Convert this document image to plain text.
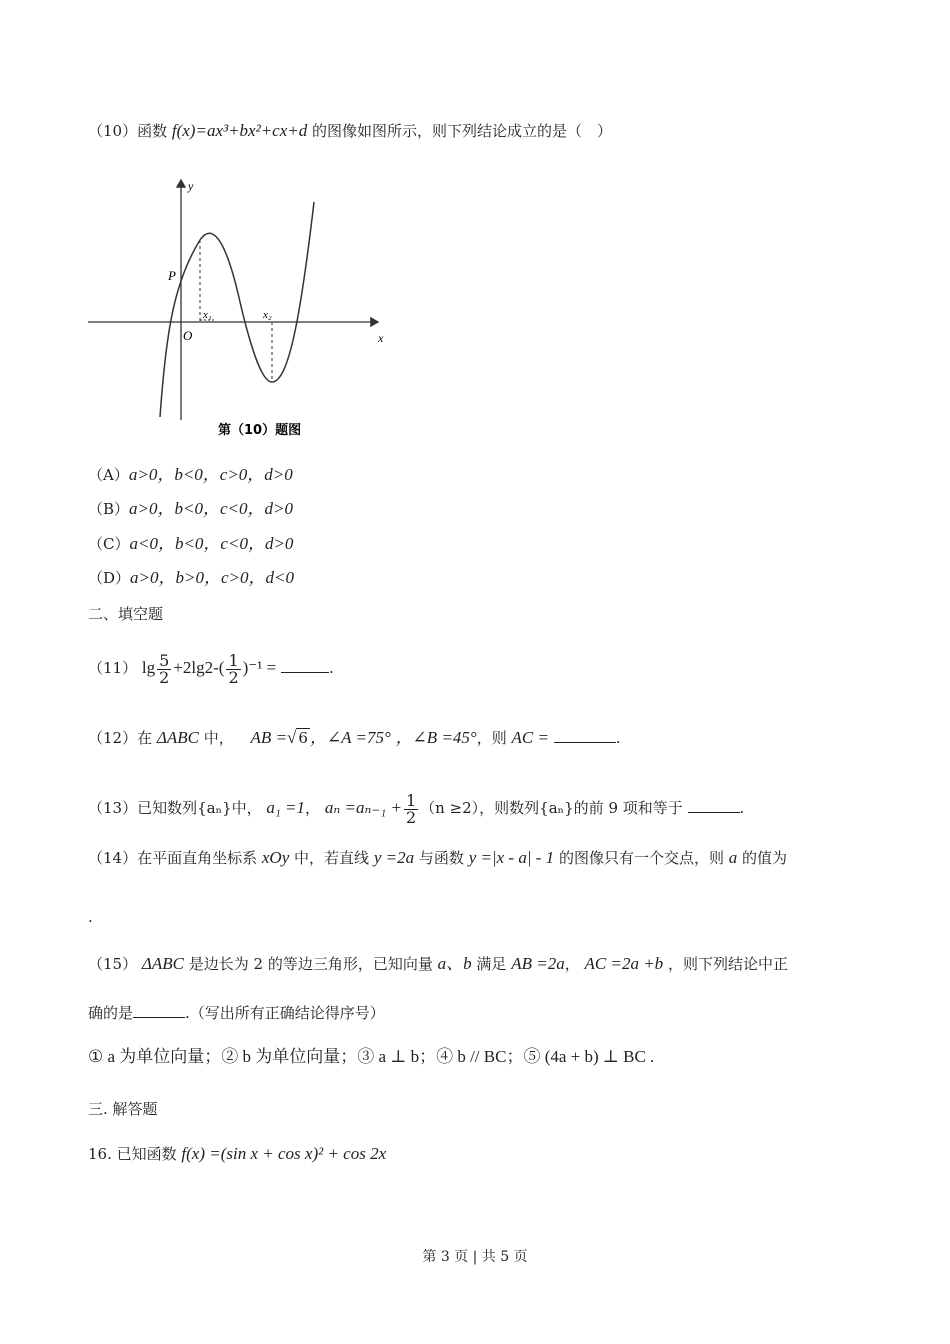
（10）函数 f(x)=ax³+bx²+cx+d 的图像如图所示，则下列结论成立的是（　）
y
x
O
P
x₁	x₂
第（10）题图
（A）a>0，b<0，c>0，d>0
（B）a>0，b<0，c<0，d>0
（C）a<0，b<0，c<0，d>0
（D）a>0，b>0，c>0，d<0
二、填空题
（11） $\lg \frac{5}{2} +2\lg 2-( \frac{1}{2} )^{-1}$ =	.
（12）在 ΔABC 中， AB =√ 6 ，∠A =75° ，∠B =45°，则 AC =	.
（13）已知数列{aₙ}中， a₁ =1， $a_n =a_{n-1} + \frac{1}{2} (n \ge 2)$，则数列{aₙ}的前 9 项和等于	.
（14）在平面直角坐标系 xOy 中，若直线 y =2a 与函数 y =|x - a| - 1 的图像只有一个交点，则 a 的值为
.
（15） ΔABC 是边长为 2 的等边三角形，已知向量 a、b 满足 AB =2a， AC =2a +b ，则下列结论中正
确的是	.（写出所有正确结论得序号）
① a 为单位向量；② b 为单位向量；③ a ⊥ b；④ b // BC；⑤ (4a + b) ⊥ BC .
三. 解答题
16. 已知函数 f(x) =(sin x + cos x)² + cos 2x
第 3 页 | 共 5 页
